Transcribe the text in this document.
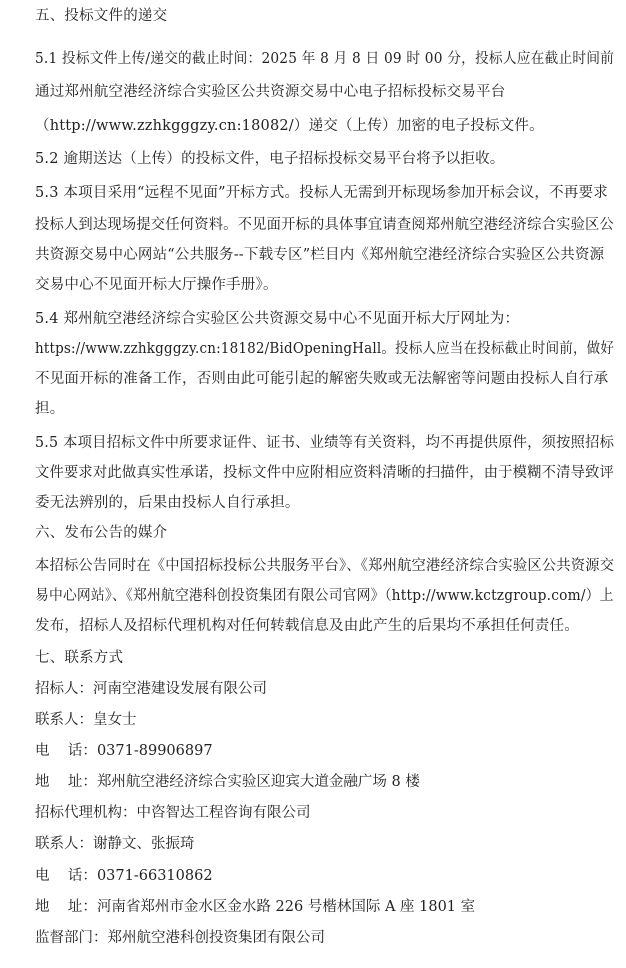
五、投标文件的递交
5.1 投标文件上传/递交的截止时间：2025 年 8 月 8 日 09 时 00 分，投标人应在截止时间前
通过郑州航空港经济综合实验区公共资源交易中心电子招标投标交易平台
（http://www.zzhkgggzy.cn:18082/）递交（上传）加密的电子投标文件。
5.2 逾期送达（上传）的投标文件，电子招标投标交易平台将予以拒收。
5.3 本项目采用“远程不见面”开标方式。投标人无需到开标现场参加开标会议，不再要求
投标人到达现场提交任何资料。不见面开标的具体事宜请查阅郑州航空港经济综合实验区公
共资源交易中心网站“公共服务--下载专区”栏目内《郑州航空港经济综合实验区公共资源
交易中心不见面开标大厅操作手册》。
5.4 郑州航空港经济综合实验区公共资源交易中心不见面开标大厅网址为：
https://www.zzhkgggzy.cn:18182/BidOpeningHall。投标人应当在投标截止时间前，做好
不见面开标的准备工作，否则由此可能引起的解密失败或无法解密等问题由投标人自行承
担。
5.5 本项目招标文件中所要求证件、证书、业绩等有关资料，均不再提供原件，须按照招标
文件要求对此做真实性承诺，投标文件中应附相应资料清晰的扫描件，由于模糊不清导致评
委无法辨别的，后果由投标人自行承担。
六、发布公告的媒介
本招标公告同时在《中国招标投标公共服务平台》、《郑州航空港经济综合实验区公共资源交
易中心网站》、《郑州航空港科创投资集团有限公司官网》（http://www.kctzgroup.com/）上
发布，招标人及招标代理机构对任何转载信息及由此产生的后果均不承担任何责任。
七、联系方式
招标人：河南空港建设发展有限公司
联系人：皇女士
电    话：0371-89906897
地    址：郑州航空港经济综合实验区迎宾大道金融广场 8 楼
招标代理机构：中咨智达工程咨询有限公司
联系人：谢静文、张振琦
电    话：0371-66310862
地    址：河南省郑州市金水区金水路 226 号楷林国际 A 座 1801 室
监督部门：郑州航空港科创投资集团有限公司
